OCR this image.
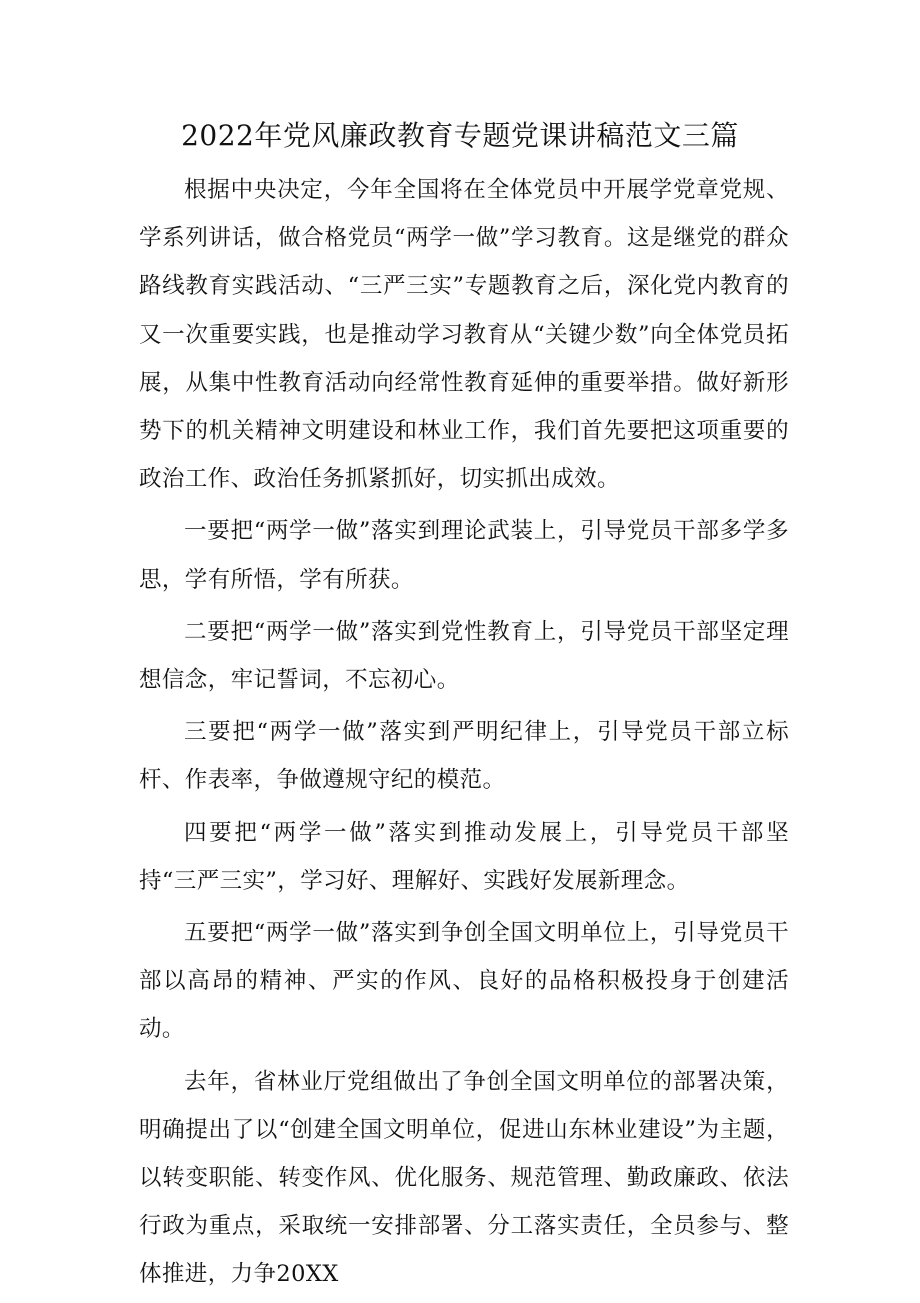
2022年党风廉政教育专题党课讲稿范文三篇

根据中央决定，今年全国将在全体党员中开展学党章党规、学系列讲话，做合格党员“两学一做”学习教育。这是继党的群众路线教育实践活动、“三严三实”专题教育之后，深化党内教育的又一次重要实践，也是推动学习教育从“关键少数”向全体党员拓展，从集中性教育活动向经常性教育延伸的重要举措。做好新形势下的机关精神文明建设和林业工作，我们首先要把这项重要的政治工作、政治任务抓紧抓好，切实抓出成效。

一要把“两学一做”落实到理论武装上，引导党员干部多学多思，学有所悟，学有所获。

二要把“两学一做”落实到党性教育上，引导党员干部坚定理想信念，牢记誓词，不忘初心。

三要把“两学一做”落实到严明纪律上，引导党员干部立标杆、作表率，争做遵规守纪的模范。

四要把“两学一做”落实到推动发展上，引导党员干部坚持“三严三实”，学习好、理解好、实践好发展新理念。

五要把“两学一做”落实到争创全国文明单位上，引导党员干部以高昂的精神、严实的作风、良好的品格积极投身于创建活动。

去年，省林业厅党组做出了争创全国文明单位的部署决策，明确提出了以“创建全国文明单位，促进山东林业建设”为主题，以转变职能、转变作风、优化服务、规范管理、勤政廉政、依法行政为重点，采取统一安排部署、分工落实责任，全员参与、整体推进，力争20XX
